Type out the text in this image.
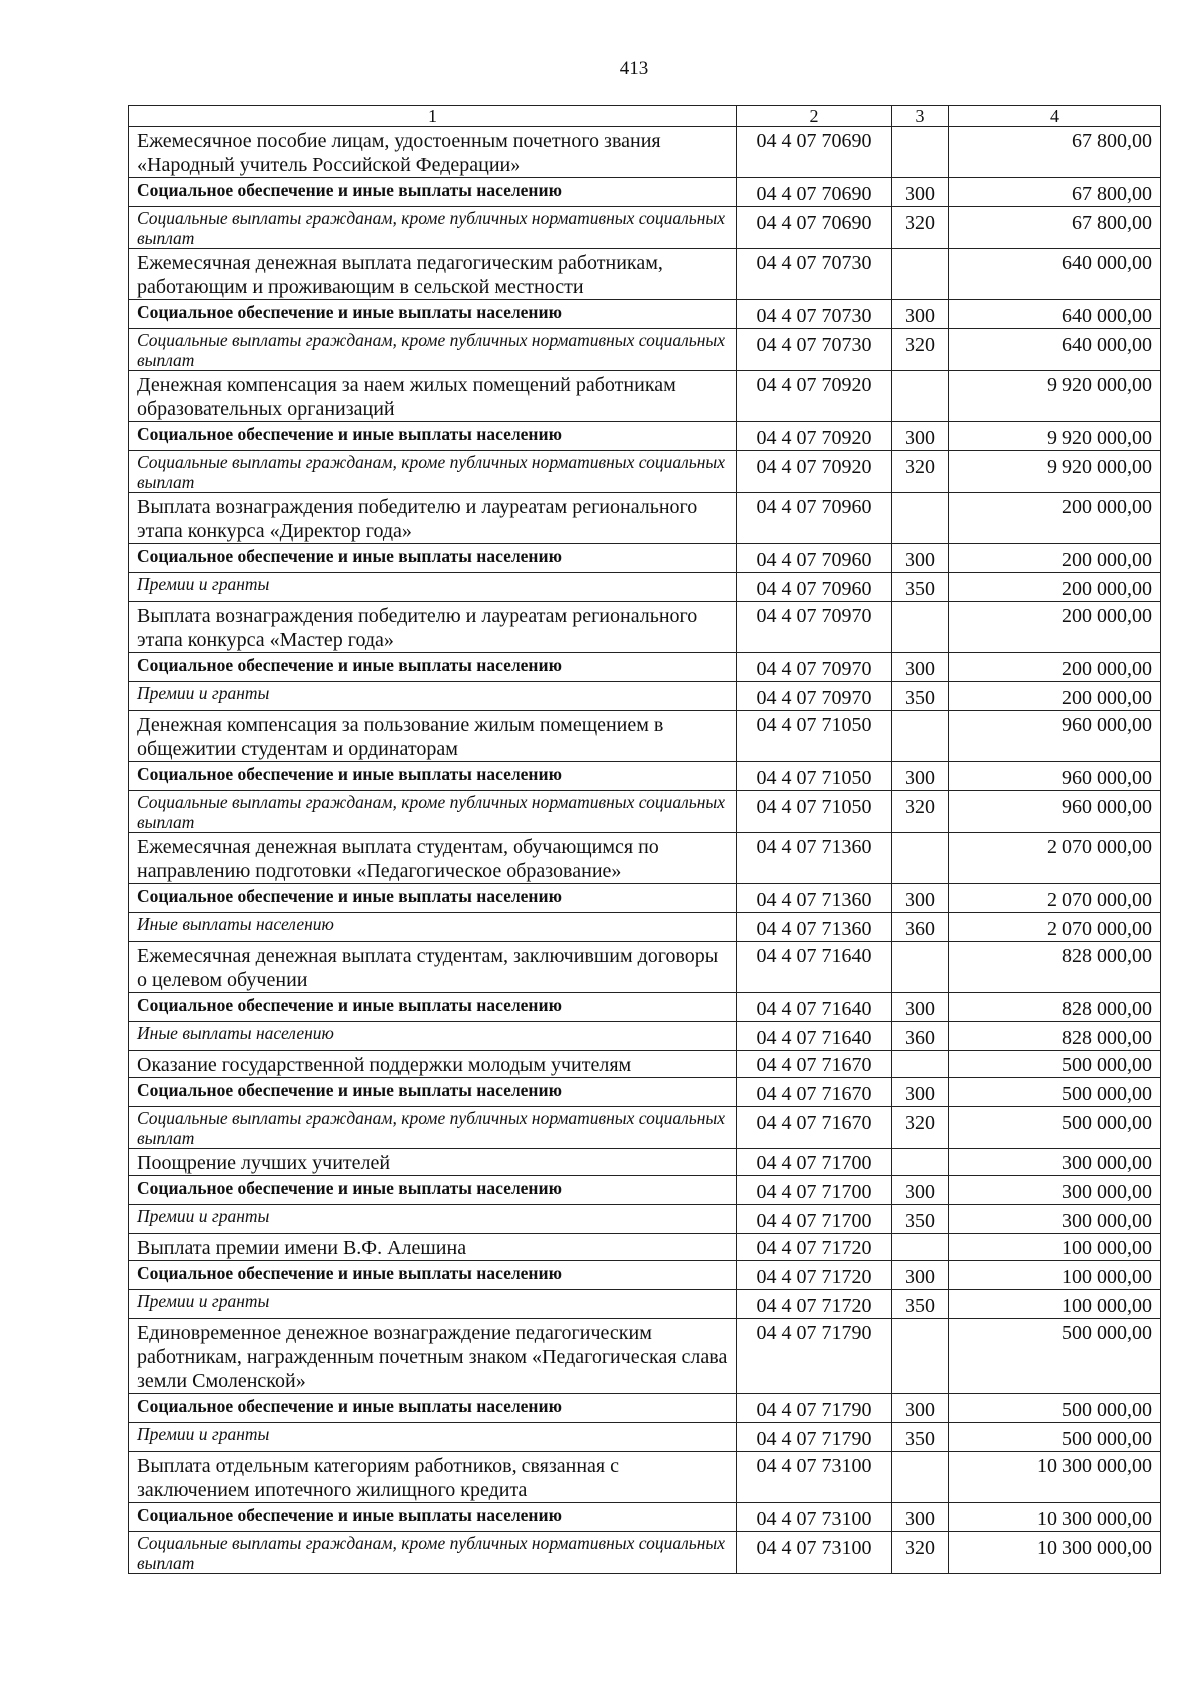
413
1	2	3	4
Ежемесячное пособие лицам, удостоенным почетного звания «Народный учитель Российской Федерации»	04 4 07 70690		67 800,00
Социальное обеспечение и иные выплаты населению	04 4 07 70690	300	67 800,00
Социальные выплаты гражданам, кроме публичных нормативных социальных выплат	04 4 07 70690	320	67 800,00
Ежемесячная денежная выплата педагогическим работникам, работающим и проживающим в сельской местности	04 4 07 70730		640 000,00
Социальное обеспечение и иные выплаты населению	04 4 07 70730	300	640 000,00
Социальные выплаты гражданам, кроме публичных нормативных социальных выплат	04 4 07 70730	320	640 000,00
Денежная компенсация за наем жилых помещений работникам образовательных организаций	04 4 07 70920		9 920 000,00
Социальное обеспечение и иные выплаты населению	04 4 07 70920	300	9 920 000,00
Социальные выплаты гражданам, кроме публичных нормативных социальных выплат	04 4 07 70920	320	9 920 000,00
Выплата вознаграждения победителю и лауреатам регионального этапа конкурса «Директор года»	04 4 07 70960		200 000,00
Социальное обеспечение и иные выплаты населению	04 4 07 70960	300	200 000,00
Премии и гранты	04 4 07 70960	350	200 000,00
Выплата вознаграждения победителю и лауреатам регионального этапа конкурса «Мастер года»	04 4 07 70970		200 000,00
Социальное обеспечение и иные выплаты населению	04 4 07 70970	300	200 000,00
Премии и гранты	04 4 07 70970	350	200 000,00
Денежная компенсация за пользование жилым помещением в общежитии студентам и ординаторам	04 4 07 71050		960 000,00
Социальное обеспечение и иные выплаты населению	04 4 07 71050	300	960 000,00
Социальные выплаты гражданам, кроме публичных нормативных социальных выплат	04 4 07 71050	320	960 000,00
Ежемесячная денежная выплата студентам, обучающимся по направлению подготовки «Педагогическое образование»	04 4 07 71360		2 070 000,00
Социальное обеспечение и иные выплаты населению	04 4 07 71360	300	2 070 000,00
Иные выплаты населению	04 4 07 71360	360	2 070 000,00
Ежемесячная денежная выплата студентам, заключившим договоры о целевом обучении	04 4 07 71640		828 000,00
Социальное обеспечение и иные выплаты населению	04 4 07 71640	300	828 000,00
Иные выплаты населению	04 4 07 71640	360	828 000,00
Оказание государственной поддержки молодым учителям	04 4 07 71670		500 000,00
Социальное обеспечение и иные выплаты населению	04 4 07 71670	300	500 000,00
Социальные выплаты гражданам, кроме публичных нормативных социальных выплат	04 4 07 71670	320	500 000,00
Поощрение лучших учителей	04 4 07 71700		300 000,00
Социальное обеспечение и иные выплаты населению	04 4 07 71700	300	300 000,00
Премии и гранты	04 4 07 71700	350	300 000,00
Выплата премии имени В.Ф. Алешина	04 4 07 71720		100 000,00
Социальное обеспечение и иные выплаты населению	04 4 07 71720	300	100 000,00
Премии и гранты	04 4 07 71720	350	100 000,00
Единовременное денежное вознаграждение педагогическим работникам, награжденным почетным знаком «Педагогическая слава земли Смоленской»	04 4 07 71790		500 000,00
Социальное обеспечение и иные выплаты населению	04 4 07 71790	300	500 000,00
Премии и гранты	04 4 07 71790	350	500 000,00
Выплата отдельным категориям работников, связанная с заключением ипотечного жилищного кредита	04 4 07 73100		10 300 000,00
Социальное обеспечение и иные выплаты населению	04 4 07 73100	300	10 300 000,00
Социальные выплаты гражданам, кроме публичных нормативных социальных выплат	04 4 07 73100	320	10 300 000,00
